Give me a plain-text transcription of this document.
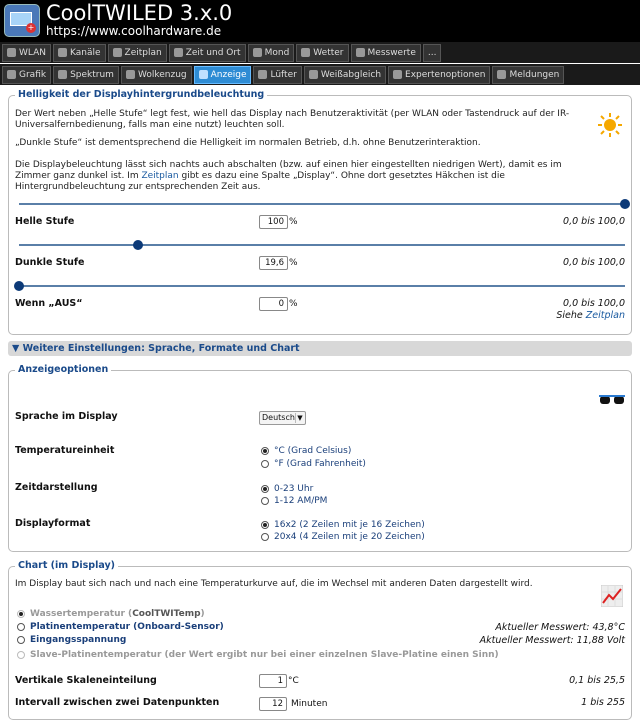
+
CoolTWILED 3.x.0
https://www.coolhardware.de
WLAN	Kanäle	Zeitplan	Zeit und Ort	Mond	Wetter	Messwerte ...
Grafik	Spektrum	Wolkenzug	Anzeige	Lüfter	Weißabgleich	Expertenoptionen	Meldungen
Helligkeit der Displayhintergrundbeleuchtung
Der Wert neben „Helle Stufe“ legt fest, wie hell das Display nach Benutzeraktivität (per WLAN oder Tastendruck auf der IR-Universalfernbedienung, falls man eine nutzt) leuchten soll.
„Dunkle Stufe“ ist dementsprechend die Helligkeit im normalen Betrieb, d.h. ohne Benutzerinteraktion.
Die Displaybeleuchtung lässt sich nachts auch abschalten (bzw. auf einen hier eingestellten niedrigen Wert), damit es im Zimmer ganz dunkel ist. Im Zeitplan gibt es dazu eine Spalte „Display“. Ohne dort gesetztes Häkchen ist die Hintergrundbeleuchtung zur entsprechenden Zeit aus.
Helle Stufe	100 %	0,0 bis 100,0
Dunkle Stufe	19,6 %	0,0 bis 100,0
Wenn „AUS“	0 %	0,0 bis 100,0
Siehe Zeitplan
▼ Weitere Einstellungen: Sprache, Formate und Chart
Anzeigeoptionen
Sprache im Display	Deutsch ▼
Temperatureinheit	°C (Grad Celsius)
°F (Grad Fahrenheit)
Zeitdarstellung	0-23 Uhr
1-12 AM/PM
Displayformat	16x2 (2 Zeilen mit je 16 Zeichen)
20x4 (4 Zeilen mit je 20 Zeichen)
Chart (im Display)
Im Display baut sich nach und nach eine Temperaturkurve auf, die im Wechsel mit anderen Daten dargestellt wird.
Wassertemperatur ( CoolTWITemp )
Platinentemperatur (Onboard-Sensor)	Aktueller Messwert: 43,8°C
Eingangsspannung	Aktueller Messwert: 11,88 Volt
Slave-Platinentemperatur (der Wert ergibt nur bei einer einzelnen Slave-Platine einen Sinn)
Vertikale Skaleneinteilung	1 °C	0,1 bis 25,5
Intervall zwischen zwei Datenpunkten	12 Minuten	1 bis 255
